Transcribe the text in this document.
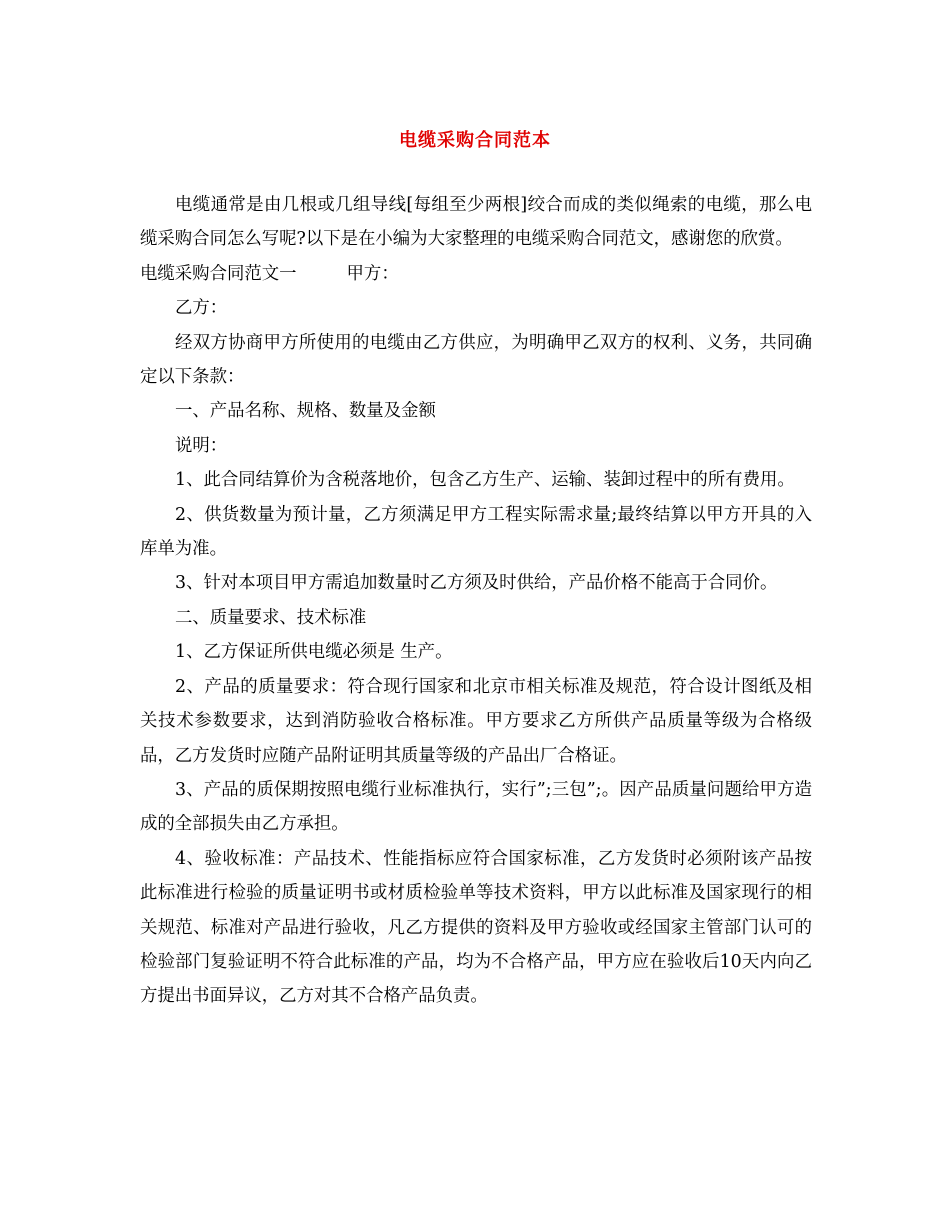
电缆采购合同范本

电缆通常是由几根或几组导线[每组至少两根]绞合而成的类似绳索的电缆，那么电缆采购合同怎么写呢?以下是在小编为大家整理的电缆采购合同范文，感谢您的欣赏。

电缆采购合同范文一	甲方：

乙方：

经双方协商甲方所使用的电缆由乙方供应，为明确甲乙双方的权利、义务，共同确定以下条款：

一、产品名称、规格、数量及金额

说明：

1、此合同结算价为含税落地价，包含乙方生产、运输、装卸过程中的所有费用。

2、供货数量为预计量，乙方须满足甲方工程实际需求量;最终结算以甲方开具的入库单为准。

3、针对本项目甲方需追加数量时乙方须及时供给，产品价格不能高于合同价。

二、质量要求、技术标准

1、乙方保证所供电缆必须是 生产。

2、产品的质量要求：符合现行国家和北京市相关标准及规范，符合设计图纸及相关技术参数要求，达到消防验收合格标准。甲方要求乙方所供产品质量等级为合格级品，乙方发货时应随产品附证明其质量等级的产品出厂合格证。

3、产品的质保期按照电缆行业标准执行，实行”;三包”;。因产品质量问题给甲方造成的全部损失由乙方承担。

4、验收标准：产品技术、性能指标应符合国家标准，乙方发货时必须附该产品按此标准进行检验的质量证明书或材质检验单等技术资料，甲方以此标准及国家现行的相关规范、标准对产品进行验收，凡乙方提供的资料及甲方验收或经国家主管部门认可的检验部门复验证明不符合此标准的产品，均为不合格产品，甲方应在验收后10天内向乙方提出书面异议，乙方对其不合格产品负责。
